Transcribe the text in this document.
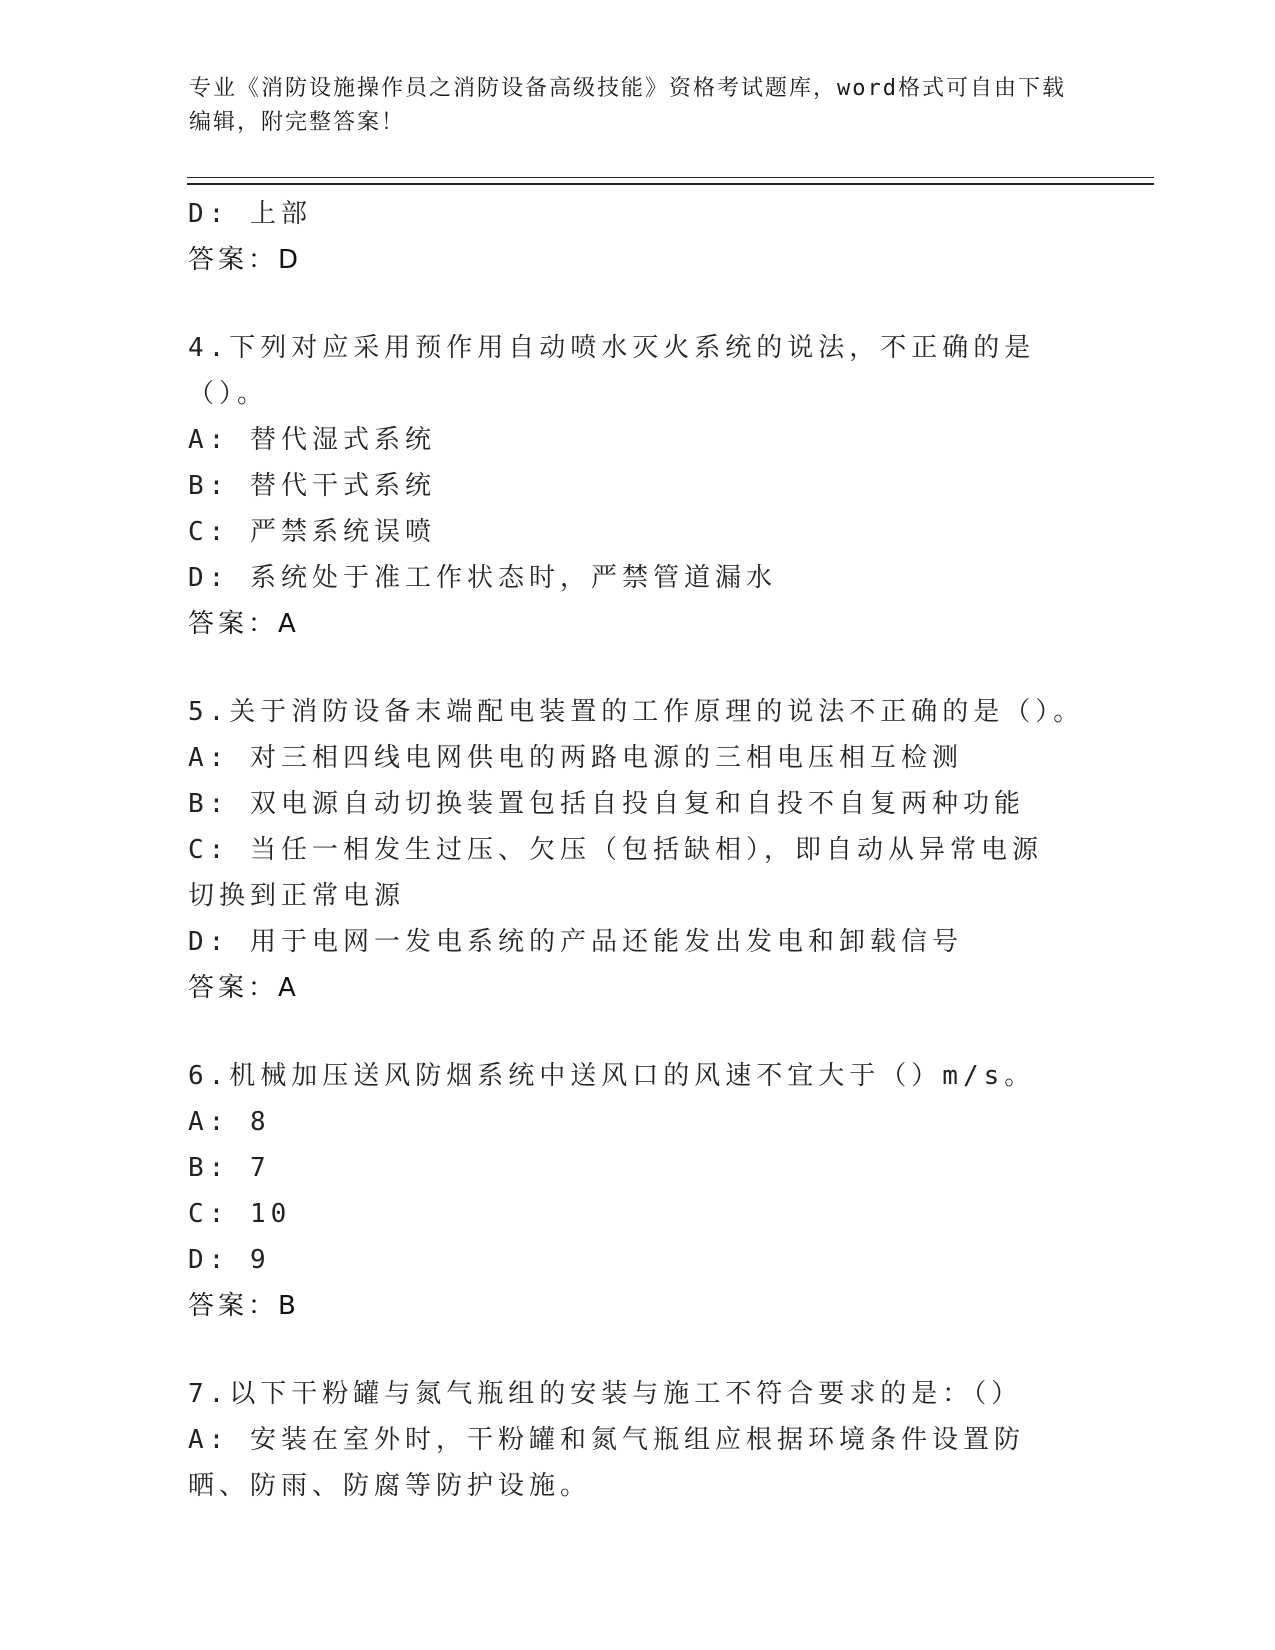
专业《消防设施操作员之消防设备高级技能》资格考试题库，word格式可自由下载编辑，附完整答案！
D: 上部
答案：D
4.下列对应采用预作用自动喷水灭火系统的说法，不正确的是（）。
A: 替代湿式系统
B: 替代干式系统
C: 严禁系统误喷
D: 系统处于准工作状态时，严禁管道漏水
答案：A
5.关于消防设备末端配电装置的工作原理的说法不正确的是（）。
A: 对三相四线电网供电的两路电源的三相电压相互检测
B: 双电源自动切换装置包括自投自复和自投不自复两种功能
C: 当任一相发生过压、欠压（包括缺相），即自动从异常电源切换到正常电源
D: 用于电网一发电系统的产品还能发出发电和卸载信号
答案：A
6.机械加压送风防烟系统中送风口的风速不宜大于（）m/s。
A: 8
B: 7
C: 10
D: 9
答案：B
7.以下干粉罐与氮气瓶组的安装与施工不符合要求的是：（）
A: 安装在室外时，干粉罐和氮气瓶组应根据环境条件设置防晒、防雨、防腐等防护设施。
